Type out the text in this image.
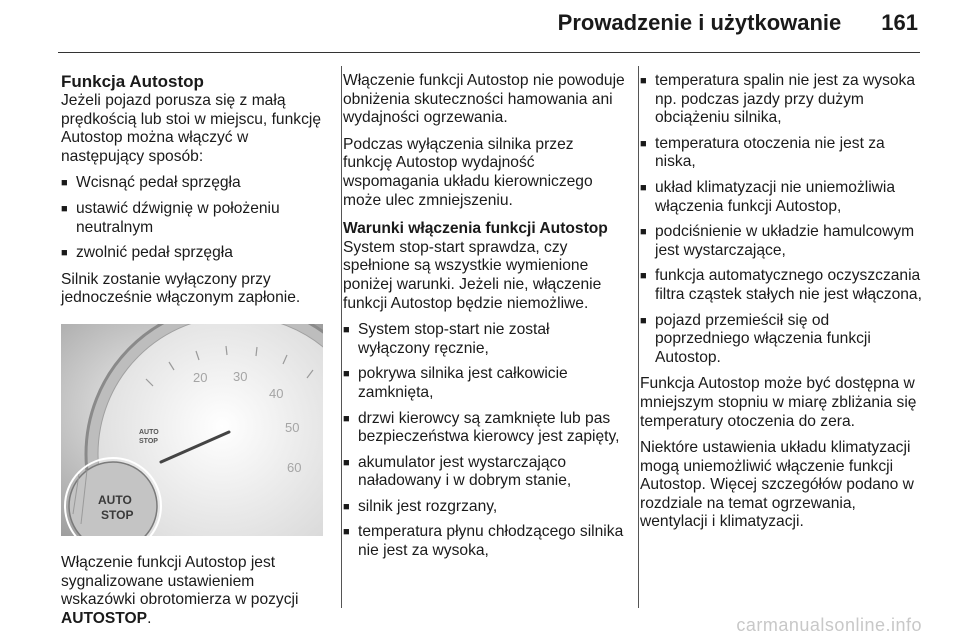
Prowadzenie i użytkowanie 161
Funkcja Autostop

Jeżeli pojazd porusza się z małą prędkością lub stoi w miejscu, funkcję Autostop można włączyć w następujący sposób:

■ Wcisnąć pedał sprzęgła
■ ustawić dźwignię w położeniu neutralnym
■ zwolnić pedał sprzęgła

Silnik zostanie wyłączony przy jednocześnie włączonym zapłonie.

20 30
40
50
60
AUTO
STOP
AUTO
STOP

Włączenie funkcji Autostop jest sygnalizowane ustawieniem wskazówki obrotomierza w pozycji AUTOSTOP.

Włączenie funkcji Autostop nie powoduje obniżenia skuteczności hamowania ani wydajności ogrzewania.

Podczas wyłączenia silnika przez funkcję Autostop wydajność wspomagania układu kierowniczego może ulec zmniejszeniu.

Warunki włączenia funkcji Autostop

System stop-start sprawdza, czy spełnione są wszystkie wymienione poniżej warunki. Jeżeli nie, włączenie funkcji Autostop będzie niemożliwe.

■ System stop-start nie został wyłączony ręcznie,
■ pokrywa silnika jest całkowicie zamknięta,
■ drzwi kierowcy są zamknięte lub pas bezpieczeństwa kierowcy jest zapięty,
■ akumulator jest wystarczająco naładowany i w dobrym stanie,
■ silnik jest rozgrzany,
■ temperatura płynu chłodzącego silnika nie jest za wysoka,
■ temperatura spalin nie jest za wysoka np. podczas jazdy przy dużym obciążeniu silnika,
■ temperatura otoczenia nie jest za niska,
■ układ klimatyzacji nie uniemożliwia włączenia funkcji Autostop,
■ podciśnienie w układzie hamulcowym jest wystarczające,
■ funkcja automatycznego oczyszczania filtra cząstek stałych nie jest włączona,
■ pojazd przemieścił się od poprzedniego włączenia funkcji Autostop.

Funkcja Autostop może być dostępna w mniejszym stopniu w miarę zbliżania się temperatury otoczenia do zera.

Niektóre ustawienia układu klimatyzacji mogą uniemożliwić włączenie funkcji Autostop. Więcej szczegółów podano w rozdziale na temat ogrzewania, wentylacji i klimatyzacji.

carmanualsonline.info
